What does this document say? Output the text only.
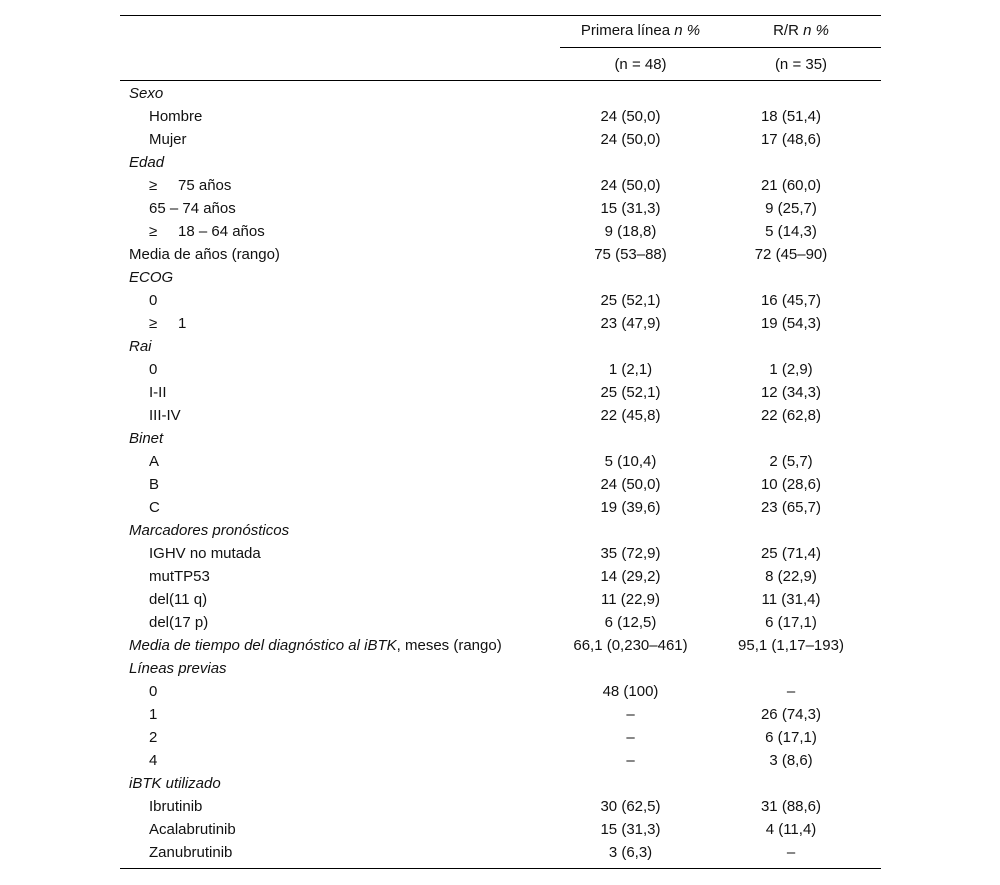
Primera línea n %	R/R n %
(n = 48)	(n = 35)
Sexo
Hombre	24 (50,0)	18 (51,4)
Mujer	24 (50,0)	17 (48,6)
Edad
≥ 75 años	24 (50,0)	21 (60,0)
65 – 74 años	15 (31,3)	9 (25,7)
≥ 18 – 64 años	9 (18,8)	5 (14,3)
Media de años (rango)	75 (53–88)	72 (45–90)
ECOG
0	25 (52,1)	16 (45,7)
≥ 1	23 (47,9)	19 (54,3)
Rai
0	1 (2,1)	1 (2,9)
I-II	25 (52,1)	12 (34,3)
III-IV	22 (45,8)	22 (62,8)
Binet
A	5 (10,4)	2 (5,7)
B	24 (50,0)	10 (28,6)
C	19 (39,6)	23 (65,7)
Marcadores pronósticos
IGHV no mutada	35 (72,9)	25 (71,4)
mutTP53	14 (29,2)	8 (22,9)
del(11 q)	11 (22,9)	11 (31,4)
del(17 p)	6 (12,5)	6 (17,1)
Media de tiempo del diagnóstico al iBTK, meses (rango)	66,1 (0,230–461)	95,1 (1,17–193)
Líneas previas
0	48 (100)	–
1	–	26 (74,3)
2	–	6 (17,1)
4	–	3 (8,6)
iBTK utilizado
Ibrutinib	30 (62,5)	31 (88,6)
Acalabrutinib	15 (31,3)	4 (11,4)
Zanubrutinib	3 (6,3)	–
